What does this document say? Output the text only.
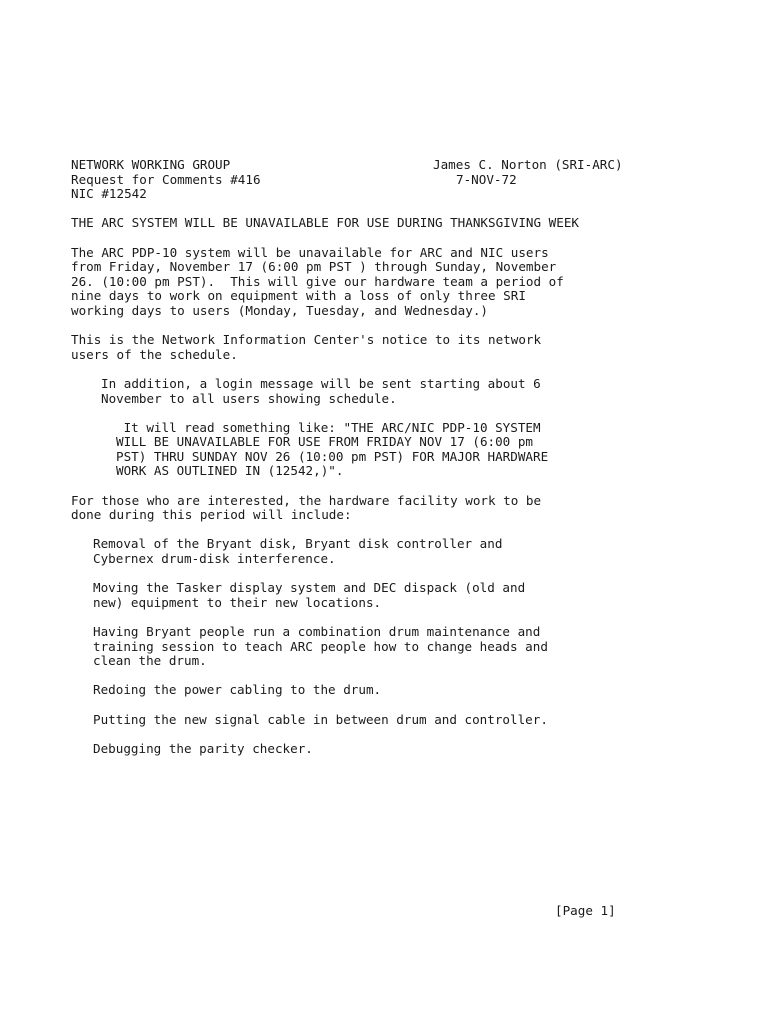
NETWORK WORKING GROUP	James C. Norton (SRI-ARC)
Request for Comments #416	7-NOV-72
NIC #12542
THE ARC SYSTEM WILL BE UNAVAILABLE FOR USE DURING THANKSGIVING WEEK
The ARC PDP-10 system will be unavailable for ARC and NIC users
from Friday, November 17 (6:00 pm PST ) through Sunday, November
26. (10:00 pm PST).  This will give our hardware team a period of
nine days to work on equipment with a loss of only three SRI
working days to users (Monday, Tuesday, and Wednesday.)
This is the Network Information Center's notice to its network
users of the schedule.
In addition, a login message will be sent starting about 6
November to all users showing schedule.
It will read something like: "THE ARC/NIC PDP-10 SYSTEM
WILL BE UNAVAILABLE FOR USE FROM FRIDAY NOV 17 (6:00 pm
PST) THRU SUNDAY NOV 26 (10:00 pm PST) FOR MAJOR HARDWARE
WORK AS OUTLINED IN (12542,)".
For those who are interested, the hardware facility work to be
done during this period will include:
Removal of the Bryant disk, Bryant disk controller and
Cybernex drum-disk interference.
Moving the Tasker display system and DEC dispack (old and
new) equipment to their new locations.
Having Bryant people run a combination drum maintenance and
training session to teach ARC people how to change heads and
clean the drum.
Redoing the power cabling to the drum.
Putting the new signal cable in between drum and controller.
Debugging the parity checker.
[Page 1]
